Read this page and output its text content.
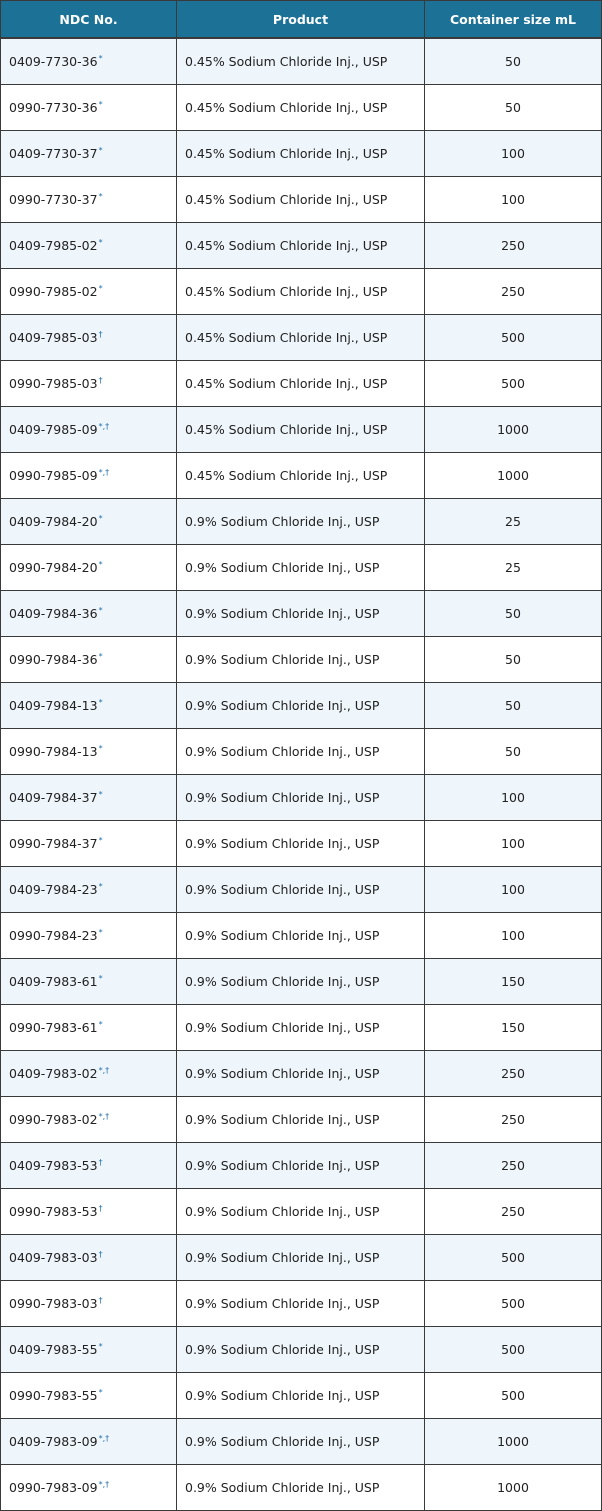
NDC No.	Product	Container size mL
0409-7730-36*	0.45% Sodium Chloride Inj., USP	50
0990-7730-36*	0.45% Sodium Chloride Inj., USP	50
0409-7730-37*	0.45% Sodium Chloride Inj., USP	100
0990-7730-37*	0.45% Sodium Chloride Inj., USP	100
0409-7985-02*	0.45% Sodium Chloride Inj., USP	250
0990-7985-02*	0.45% Sodium Chloride Inj., USP	250
0409-7985-03†	0.45% Sodium Chloride Inj., USP	500
0990-7985-03†	0.45% Sodium Chloride Inj., USP	500
0409-7985-09*,†	0.45% Sodium Chloride Inj., USP	1000
0990-7985-09*,†	0.45% Sodium Chloride Inj., USP	1000
0409-7984-20*	0.9% Sodium Chloride Inj., USP	25
0990-7984-20*	0.9% Sodium Chloride Inj., USP	25
0409-7984-36*	0.9% Sodium Chloride Inj., USP	50
0990-7984-36*	0.9% Sodium Chloride Inj., USP	50
0409-7984-13*	0.9% Sodium Chloride Inj., USP	50
0990-7984-13*	0.9% Sodium Chloride Inj., USP	50
0409-7984-37*	0.9% Sodium Chloride Inj., USP	100
0990-7984-37*	0.9% Sodium Chloride Inj., USP	100
0409-7984-23*	0.9% Sodium Chloride Inj., USP	100
0990-7984-23*	0.9% Sodium Chloride Inj., USP	100
0409-7983-61*	0.9% Sodium Chloride Inj., USP	150
0990-7983-61*	0.9% Sodium Chloride Inj., USP	150
0409-7983-02*,†	0.9% Sodium Chloride Inj., USP	250
0990-7983-02*,†	0.9% Sodium Chloride Inj., USP	250
0409-7983-53†	0.9% Sodium Chloride Inj., USP	250
0990-7983-53†	0.9% Sodium Chloride Inj., USP	250
0409-7983-03†	0.9% Sodium Chloride Inj., USP	500
0990-7983-03†	0.9% Sodium Chloride Inj., USP	500
0409-7983-55*	0.9% Sodium Chloride Inj., USP	500
0990-7983-55*	0.9% Sodium Chloride Inj., USP	500
0409-7983-09*,†	0.9% Sodium Chloride Inj., USP	1000
0990-7983-09*,†	0.9% Sodium Chloride Inj., USP	1000
